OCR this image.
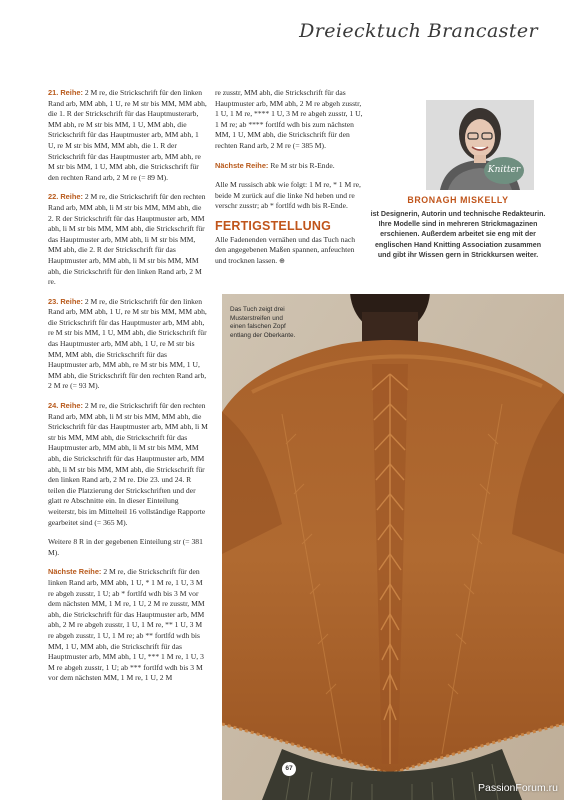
Dreiecktuch Brancaster

21. Reihe: 2 M re, die Strickschrift für den linken Rand arb, MM abh, 1 U, re M str bis MM, MM abh, die 1. R der Strickschrift für das Hauptmusterarb, MM abh, re M str bis MM, 1 U, MM abh, die Strickschrift für das Hauptmuster arb, MM abh, 1 U, re M str bis MM, MM abh, die 1. R der Strickschrift für das Hauptmuster arb, MM abh, re M str bis MM, 1 U, MM abh, die Strickschrift für den rechten Rand arb, 2 M re (= 89 M).

22. Reihe: 2 M re, die Strickschrift für den rechten Rand arb, MM abh, li M str bis MM, MM abh, die 2. R der Strickschrift für das Hauptmuster arb, MM abh, li M str bis MM, MM abh, die Strickschrift für das Hauptmuster arb, MM abh, li M str bis MM, MM abh, die 2. R der Strickschrift für das Hauptmuster arb, MM abh, li M str bis MM, MM abh, die Strickschrift für den linken Rand arb, 2 M re.

23. Reihe: 2 M re, die Strickschrift für den linken Rand arb, MM abh, 1 U, re M str bis MM, MM abh, die Strickschrift für das Hauptmuster arb, MM abh, re M str bis MM, 1 U, MM abh, die Strickschrift für das Hauptmuster arb, MM abh, 1 U, re M str bis MM, MM abh, die Strickschrift für das Hauptmuster arb, MM abh, re M str bis MM, 1 U, MM abh, die Strickschrift für den rechten Rand arb, 2 M re (= 93 M).

24. Reihe: 2 M re, die Strickschrift für den rechten Rand arb, MM abh, li M str bis MM, MM abh, die Strickschrift für das Hauptmuster arb, MM abh, li M str bis MM, MM abh, die Strickschrift für das Hauptmuster arb, MM abh, li M str bis MM, MM abh, die Strickschrift für das Hauptmuster arb, MM abh, li M str bis MM, MM abh, die Strickschrift für den linken Rand arb, 2 M re. Die 23. und 24. R teilen die Platzierung der Strickschriften und der glatt re Abschnitte ein. In dieser Einteilung weiterstr, bis im Mittelteil 16 vollständige Rapporte gearbeitet sind (= 365 M).

Weitere 8 R in der gegebenen Einteilung str (= 381 M).

Nächste Reihe: 2 M re, die Strickschrift für den linken Rand arb, MM abh, 1 U, * 1 M re, 1 U, 3 M re abgeh zusstr, 1 U; ab * fortlfd wdh bis 3 M vor dem nächsten MM, 1 M re, 1 U, 2 M re zusstr, MM abh, die Strickschrift für das Hauptmuster arb, MM abh, 2 M re abgeh zusstr, 1 U, 1 M re, ** 1 U, 3 M re abgeh zusstr, 1 U, 1 M re; ab ** fortlfd wdh bis MM, 1 U, MM abh, die Strickschrift für das Hauptmuster arb, MM abh, 1 U, *** 1 M re, 1 U, 3 M re abgeh zusstr, 1 U; ab *** fortlfd wdh bis 3 M vor dem nächsten MM, 1 M re, 1 U, 2 M

re zusstr, MM abh, die Strickschrift für das Hauptmuster arb, MM abh, 2 M re abgeh zusstr, 1 U, 1 M re, **** 1 U, 3 M re abgeh zusstr, 1 U, 1 M re; ab **** fortlfd wdh bis zum nächsten MM, 1 U, MM abh, die Strickschrift für den rechten Rand arb, 2 M re (= 385 M).

Nächste Reihe: Re M str bis R-Ende.

Alle M russisch abk wie folgt: 1 M re, * 1 M re, beide M zurück auf die linke Nd heben und re verschr zusstr; ab * fortlfd wdh bis R-Ende.

FERTIGSTELLUNG

Alle Fadenenden vernähen und das Tuch nach den angegebenen Maßen spannen, anfeuchten und trocknen lassen. ⊕

Knitter
BRONAGH MISKELLY
ist Designerin, Autorin und technische Redakteurin. Ihre Modelle sind in mehreren Strickmagazinen erschienen. Außerdem arbeitet sie eng mit der englischen Hand Knitting Association zusammen und gibt ihr Wissen gern in Strickkursen weiter.
Das Tuch zeigt drei Musterstreifen und einen falschen Zopf entlang der Oberkante.
67
PassionForum.ru
